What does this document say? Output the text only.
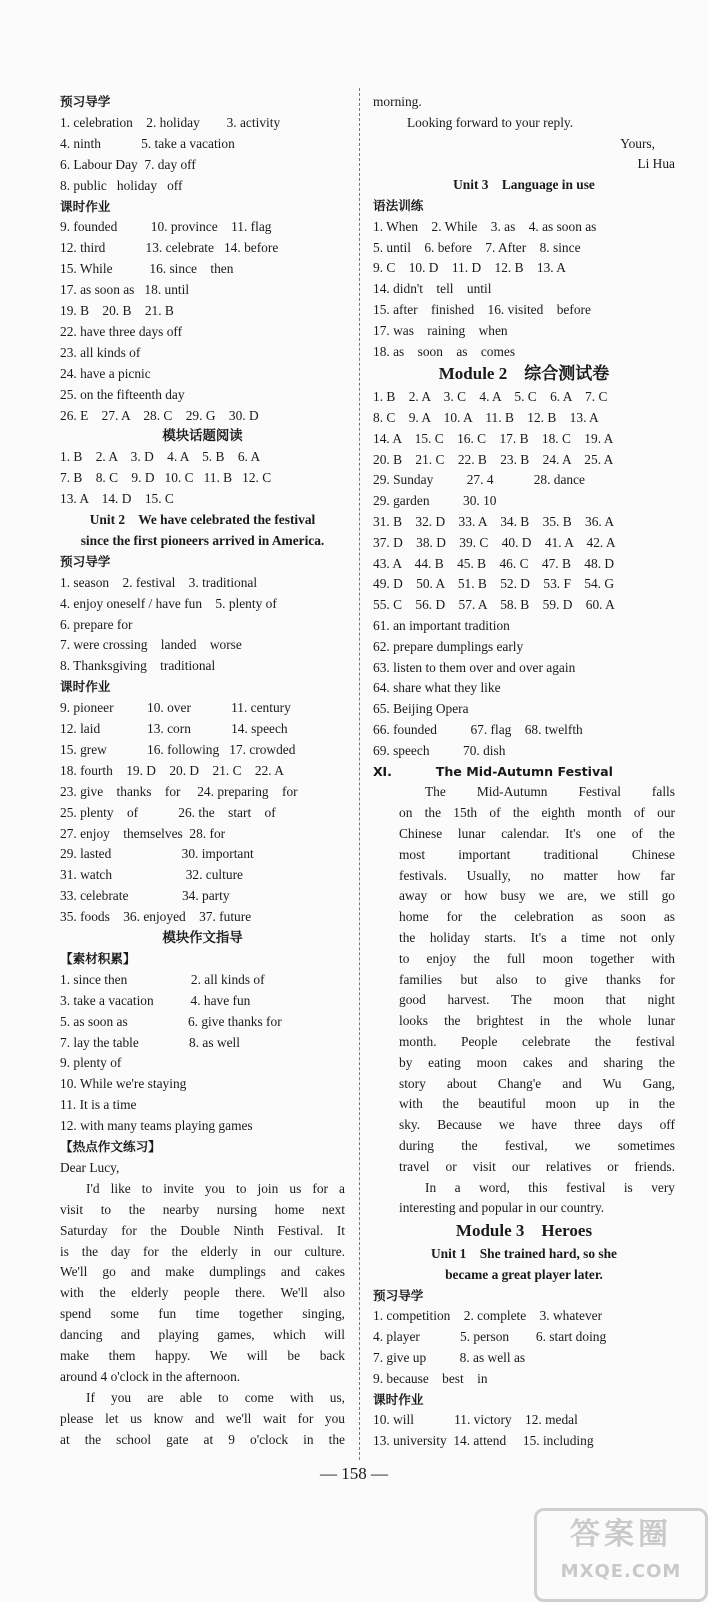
预习导学
1. celebration    2. holiday        3. activity
4. ninth            5. take a vacation
6. Labour Day  7. day off
8. public   holiday   off
课时作业
9. founded          10. province    11. flag
12. third            13. celebrate   14. before
15. While           16. since    then
17. as soon as   18. until
19. B    20. B    21. B
22. have three days off
23. all kinds of
24. have a picnic
25. on the fifteenth day
26. E    27. A    28. C    29. G    30. D
模块话题阅读
1. B    2. A    3. D    4. A    5. B    6. A
7. B    8. C    9. D   10. C   11. B   12. C
13. A    14. D    15. C
Unit 2    We have celebrated the festival
since the first pioneers arrived in America.
预习导学
1. season    2. festival    3. traditional
4. enjoy oneself / have fun    5. plenty of
6. prepare for
7. were crossing    landed    worse
8. Thanksgiving    traditional
课时作业
9. pioneer          10. over            11. century
12. laid              13. corn            14. speech
15. grew            16. following   17. crowded
18. fourth    19. D    20. D    21. C    22. A
23. give    thanks    for     24. preparing    for
25. plenty    of            26. the    start    of
27. enjoy    themselves  28. for
29. lasted                     30. important
31. watch                      32. culture
33. celebrate                34. party
35. foods    36. enjoyed    37. future
模块作文指导
【素材积累】
1. since then                   2. all kinds of
3. take a vacation           4. have fun
5. as soon as                  6. give thanks for
7. lay the table               8. as well
9. plenty of
10. While we're staying
11. It is a time
12. with many teams playing games
【热点作文练习】
Dear Lucy,
I'd like to invite you to join us for a
visit to the nearby nursing home next
Saturday for the Double Ninth Festival. It
is the day for the elderly in our culture.
We'll go and make dumplings and cakes
with the elderly people there. We'll also
spend some fun time together singing,
dancing and playing games, which will
make them happy. We will be back
around 4 o'clock in the afternoon.
If you are able to come with us,
please let us know and we'll wait for you
at the school gate at 9 o'clock in the
morning.
Looking forward to your reply.
Yours,
Li Hua
Unit 3    Language in use
语法训练
1. When    2. While    3. as    4. as soon as
5. until    6. before    7. After    8. since
9. C    10. D    11. D    12. B    13. A
14. didn't    tell    until
15. after    finished    16. visited    before
17. was    raining    when
18. as    soon    as    comes
Module 2    综合测试卷
1. B    2. A    3. C    4. A    5. C    6. A    7. C
8. C    9. A    10. A    11. B    12. B    13. A
14. A    15. C    16. C    17. B    18. C    19. A
20. B    21. C    22. B    23. B    24. A    25. A
29. Sunday          27. 4            28. dance
29. garden          30. 10
31. B    32. D    33. A    34. B    35. B    36. A
37. D    38. D    39. C    40. D    41. A    42. A
43. A    44. B    45. B    46. C    47. B    48. D
49. D    50. A    51. B    52. D    53. F    54. G
55. C    56. D    57. A    58. B    59. D    60. A
61. an important tradition
62. prepare dumplings early
63. listen to them over and over again
64. share what they like
65. Beijing Opera
66. founded          67. flag    68. twelfth
69. speech          70. dish
Ⅺ.          The Mid-Autumn Festival
The Mid-Autumn Festival falls
on the 15th of the eighth month of our
Chinese lunar calendar. It's one of the
most important traditional Chinese
festivals. Usually, no matter how far
away or how busy we are, we still go
home for the celebration as soon as
the holiday starts. It's a time not only
to enjoy the full moon together with
families but also to give thanks for
good harvest. The moon that night
looks the brightest in the whole lunar
month. People celebrate the festival
by eating moon cakes and sharing the
story about Chang'e and Wu Gang,
with the beautiful moon up in the
sky. Because we have three days off
during the festival, we sometimes
travel or visit our relatives or friends.
In a word, this festival is very
interesting and popular in our country.
Module 3    Heroes
Unit 1    She trained hard, so she
became a great player later.
预习导学
1. competition    2. complete    3. whatever
4. player            5. person        6. start doing
7. give up          8. as well as
9. because    best    in
课时作业
10. will            11. victory    12. medal
13. university  14. attend     15. including
— 158 —
答案圈
MXQE.COM
